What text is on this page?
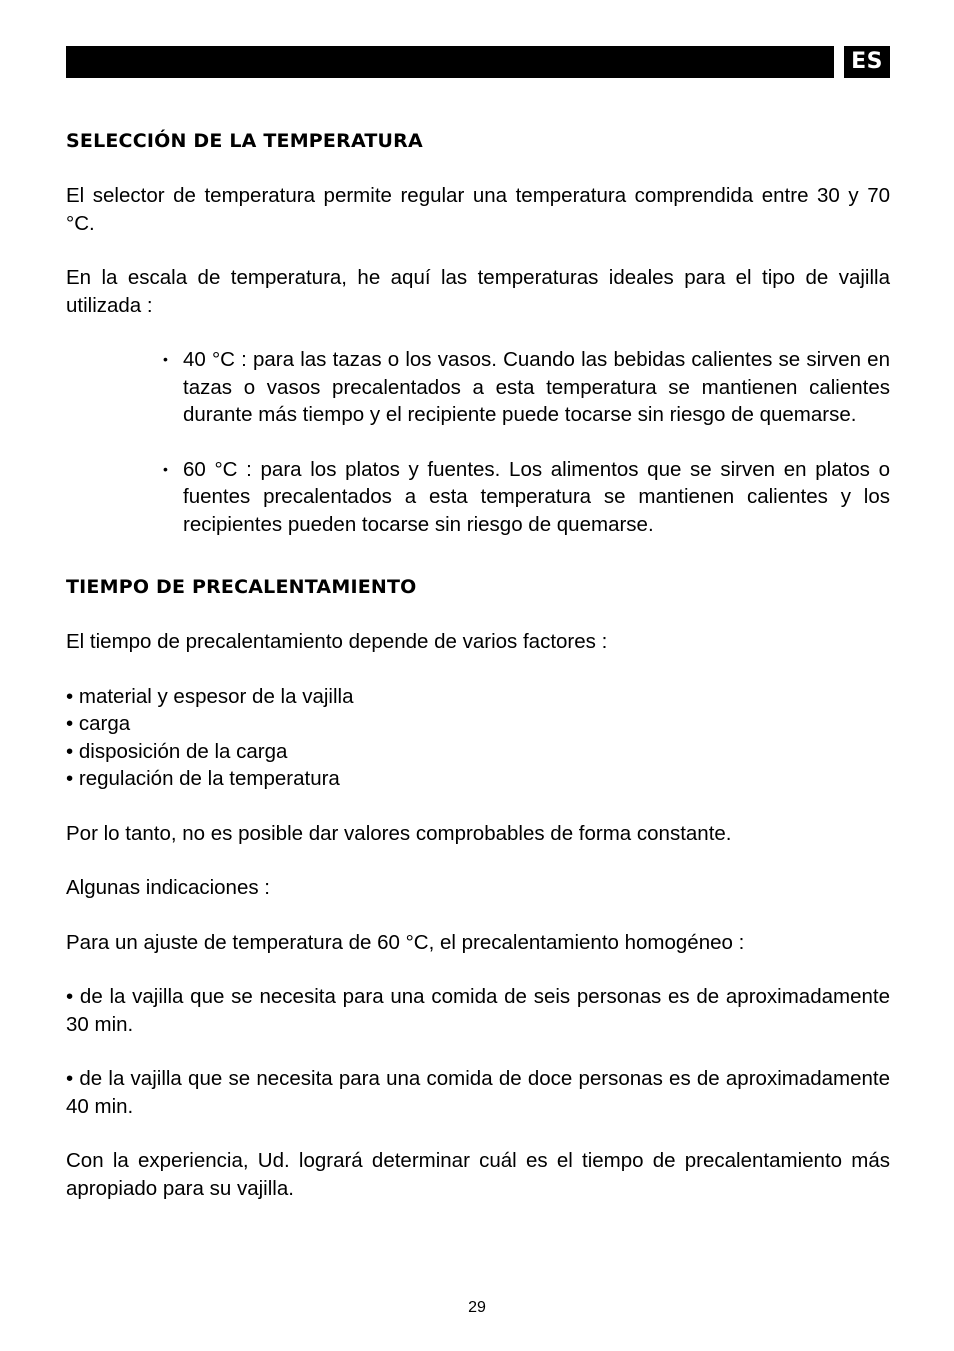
ES
SELECCIÓN DE LA TEMPERATURA

El selector de temperatura permite regular una temperatura comprendida entre 30 y 70 °C.

En la escala de temperatura, he aquí las temperaturas ideales para el tipo de vajilla utilizada :

• 40 °C : para las tazas o los vasos. Cuando las bebidas calientes se sirven en tazas o vasos precalentados a esta temperatura se mantienen calientes durante más tiempo y el recipiente puede tocarse sin riesgo de quemarse.
• 60 °C : para los platos y fuentes. Los alimentos que se sirven en platos o fuentes precalentados a esta temperatura se mantienen calientes y los recipientes pueden tocarse sin riesgo de quemarse.
TIEMPO DE PRECALENTAMIENTO

El tiempo de precalentamiento depende de varios factores :

• material y espesor de la vajilla

• carga

• disposición de la carga

• regulación de la temperatura

Por lo tanto, no es posible dar valores comprobables de forma constante.

Algunas indicaciones :

Para un ajuste de temperatura de 60 °C, el precalentamiento homogéneo :

• de la vajilla que se necesita para una comida de seis personas es de aproximadamente 30 min.

• de la vajilla que se necesita para una comida de doce personas es de aproximadamente 40 min.

Con la experiencia, Ud. logrará determinar cuál es el tiempo de precalentamiento más apropiado para su vajilla.

29
